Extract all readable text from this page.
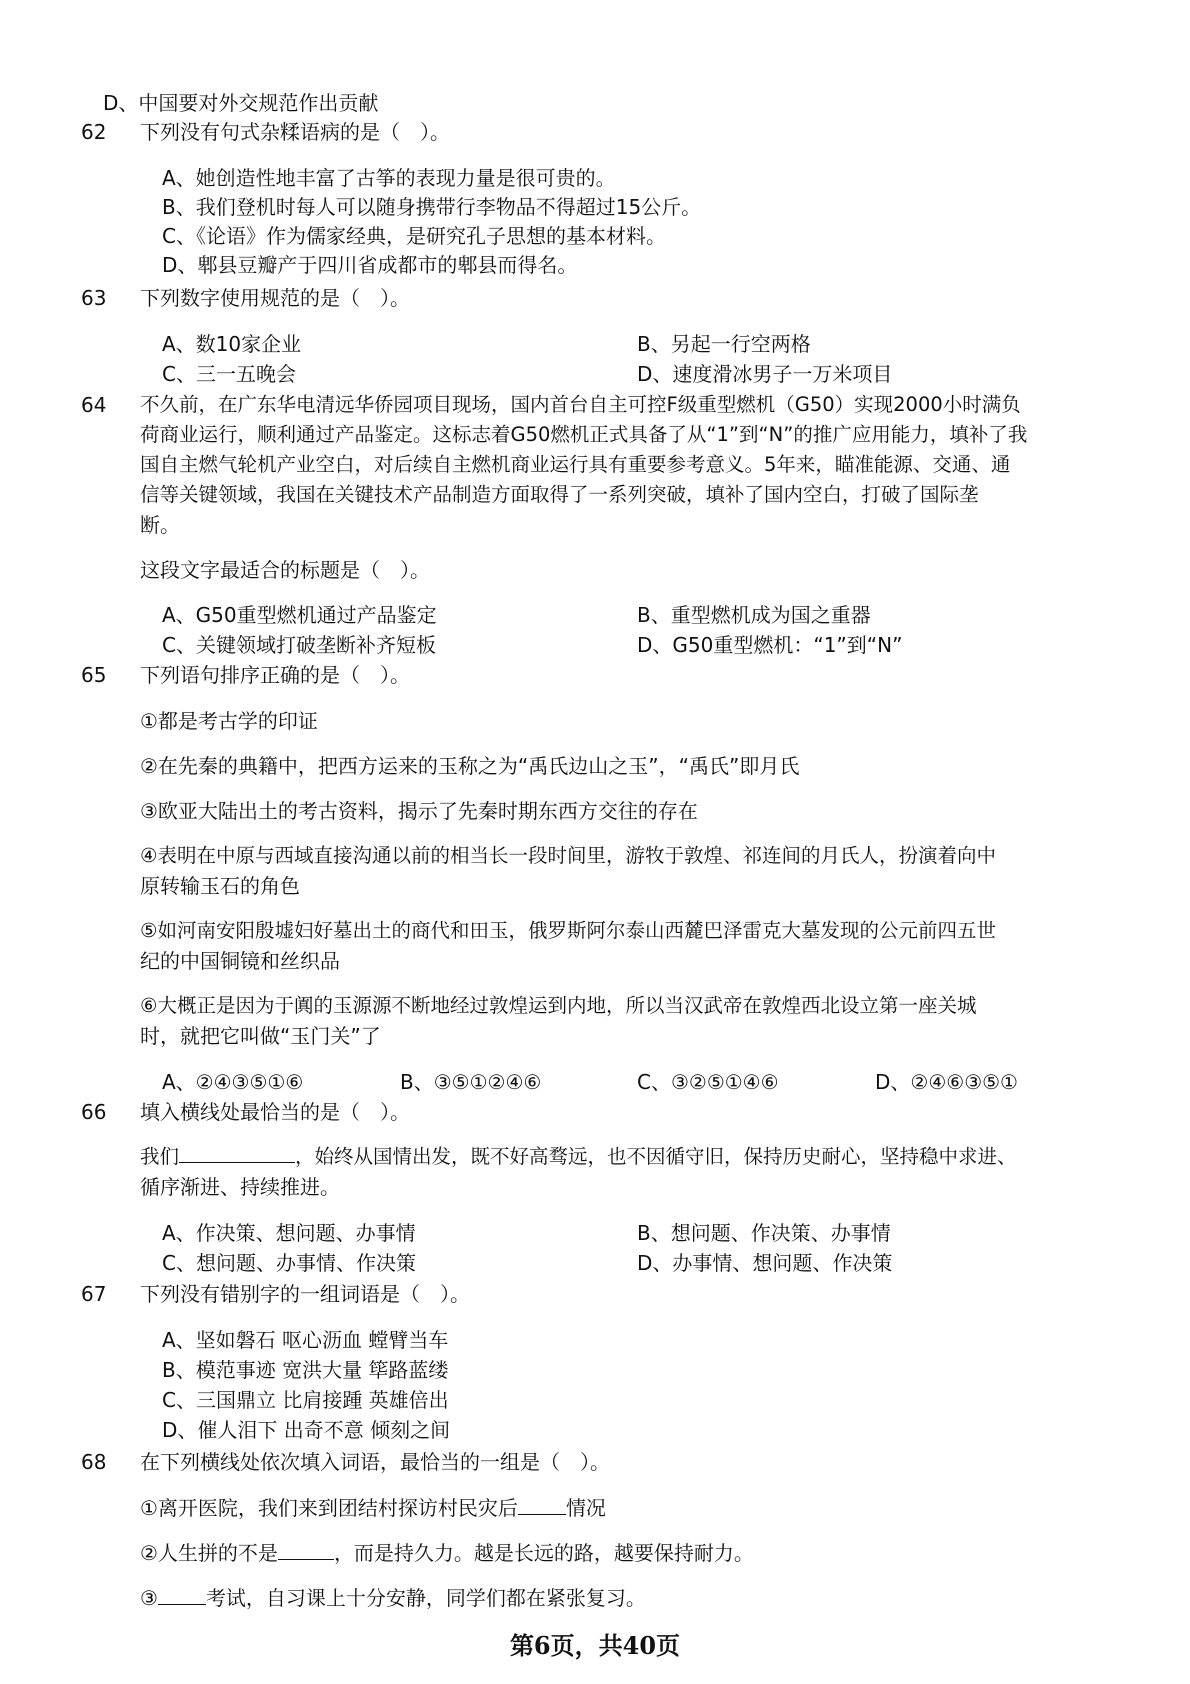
D、中国要对外交规范作出贡献
62	下列没有句式杂糅语病的是（　）。
A、她创造性地丰富了古筝的表现力量是很可贵的。
B、我们登机时每人可以随身携带行李物品不得超过15公斤。
C、《论语》作为儒家经典，是研究孔子思想的基本材料。
D、郫县豆瓣产于四川省成都市的郫县而得名。
63	下列数字使用规范的是（　）。
A、数10家企业	B、另起一行空两格
C、三一五晚会	D、速度滑冰男子一万米项目
64	不久前，在广东华电清远华侨园项目现场，国内首台自主可控F级重型燃机（G50）实现2000小时满负
荷商业运行，顺利通过产品鉴定。这标志着G50燃机正式具备了从“1”到“N”的推广应用能力，填补了我
国自主燃气轮机产业空白，对后续自主燃机商业运行具有重要参考意义。5年来，瞄准能源、交通、通
信等关键领域，我国在关键技术产品制造方面取得了一系列突破，填补了国内空白，打破了国际垄
断。
这段文字最适合的标题是（　）。
A、G50重型燃机通过产品鉴定	B、重型燃机成为国之重器
C、关键领域打破垄断补齐短板	D、G50重型燃机：“1”到“N”
65	下列语句排序正确的是（　）。
①都是考古学的印证
②在先秦的典籍中，把西方运来的玉称之为“禹氏边山之玉”，“禹氏”即月氏
③欧亚大陆出土的考古资料，揭示了先秦时期东西方交往的存在
④表明在中原与西域直接沟通以前的相当长一段时间里，游牧于敦煌、祁连间的月氏人，扮演着向中
原转输玉石的角色
⑤如河南安阳殷墟妇好墓出土的商代和田玉，俄罗斯阿尔泰山西麓巴泽雷克大墓发现的公元前四五世
纪的中国铜镜和丝织品
⑥大概正是因为于阗的玉源源不断地经过敦煌运到内地，所以当汉武帝在敦煌西北设立第一座关城
时，就把它叫做“玉门关”了
A、②④③⑤①⑥	B、③⑤①②④⑥	C、③②⑤①④⑥	D、②④⑥③⑤①
66	填入横线处最恰当的是（　）。
我们	，始终从国情出发，既不好高骛远，也不因循守旧，保持历史耐心，坚持稳中求进、
循序渐进、持续推进。
A、作决策、想问题、办事情	B、想问题、作决策、办事情
C、想问题、办事情、作决策	D、办事情、想问题、作决策
67	下列没有错别字的一组词语是（　）。
A、坚如磐石 呕心沥血 螳臂当车
B、模范事迹 宽洪大量 筚路蓝缕
C、三国鼎立 比肩接踵 英雄倍出
D、催人泪下 出奇不意 倾刻之间
68	在下列横线处依次填入词语，最恰当的一组是（　）。
①离开医院，我们来到团结村探访村民灾后 情况
②人生拼的不是	，而是持久力。越是长远的路，越要保持耐力。
③ 考试，自习课上十分安静，同学们都在紧张复习。
第6页，共40页
